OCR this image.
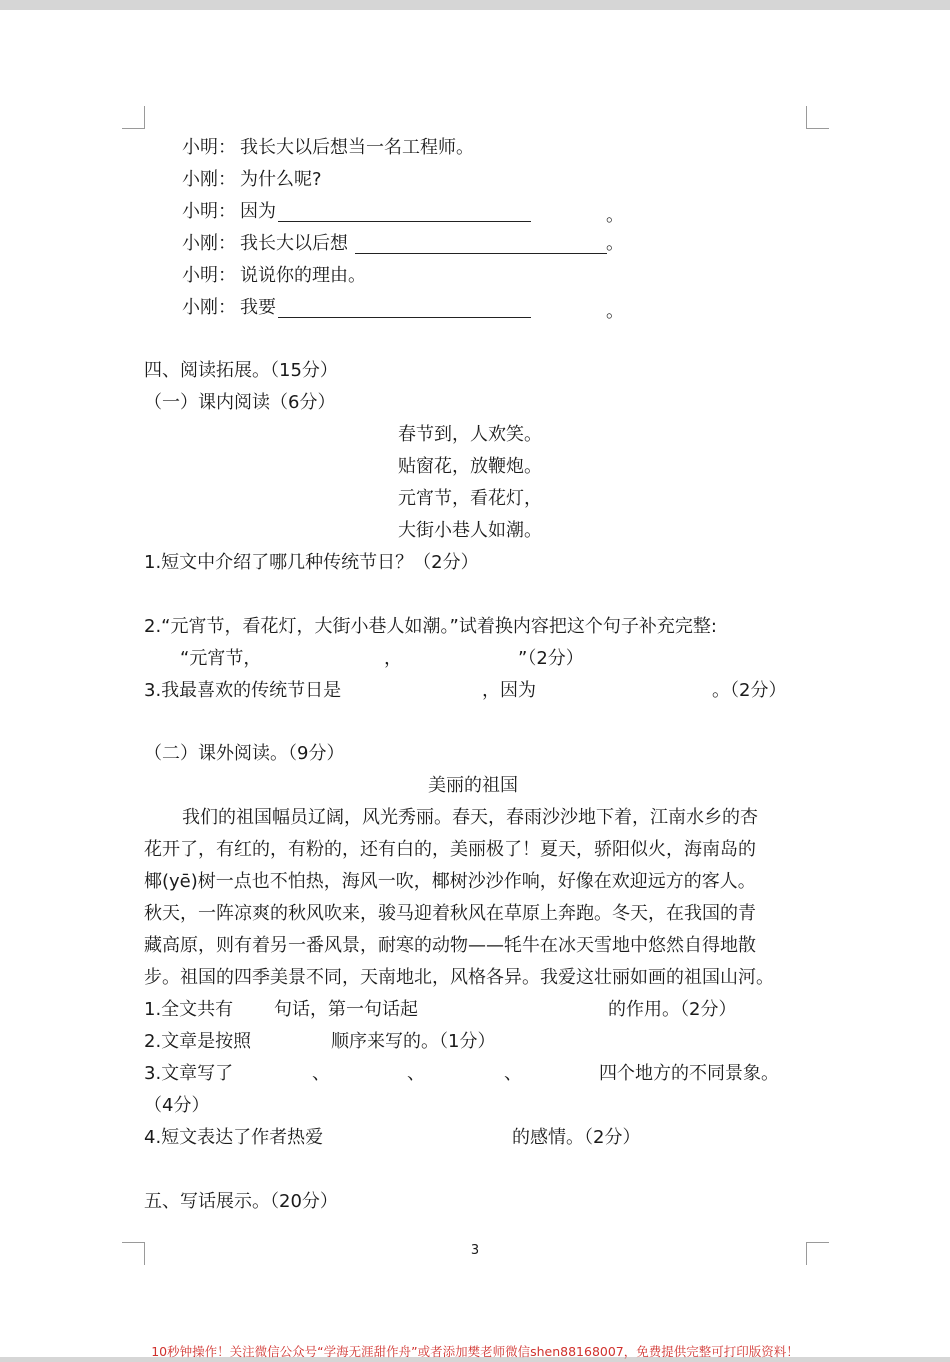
小明： 我长大以后想当一名工程师。
小刚： 为什么呢?
小明： 因为	。
小刚： 我长大以后想	。
小明： 说说你的理由。
小刚： 我要	。
四、阅读拓展。（15分）
（一）课内阅读（6分）
春节到，人欢笑。
贴窗花，放鞭炮。
元宵节，看花灯，
大街小巷人如潮。
1.短文中介绍了哪几种传统节日？（2分）
2.“元宵节，看花灯，大街小巷人如潮。”试着换内容把这个句子补充完整:
“元宵节，	，	”（2分）
3.我最喜欢的传统节日是	，因为	。（2分）
（二）课外阅读。（9分）
美丽的祖国
我们的祖国幅员辽阔，风光秀丽。春天，春雨沙沙地下着，江南水乡的杏
花开了，有红的，有粉的，还有白的，美丽极了！夏天，骄阳似火，海南岛的
椰(yē)树一点也不怕热，海风一吹，椰树沙沙作响，好像在欢迎远方的客人。
秋天，一阵凉爽的秋风吹来，骏马迎着秋风在草原上奔跑。冬天，在我国的青
藏高原，则有着另一番风景，耐寒的动物——牦牛在冰天雪地中悠然自得地散
步。祖国的四季美景不同，天南地北，风格各异。我爱这壮丽如画的祖国山河。
1.全文共有 句话，第一句话起	的作用。（2分）
2.文章是按照	顺序来写的。（1分）
3.文章写了	、	、	、	四个地方的不同景象。
（4分）
4.短文表达了作者热爱	的感情。（2分）
五、写话展示。（20分）
3
10秒钟操作！关注微信公众号“学海无涯甜作舟”或者添加樊老师微信shen88168007，免费提供完整可打印版资料！
